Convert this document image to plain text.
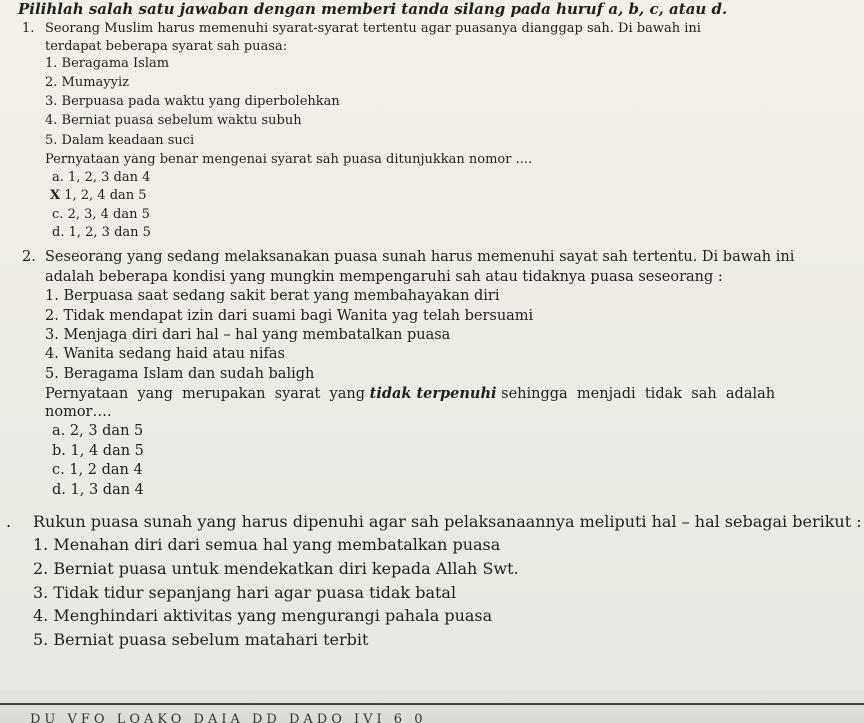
Pilihlah salah satu jawaban dengan memberi tanda silang pada huruf a, b, c, atau d.
1. Seorang Muslim harus memenuhi syarat-syarat tertentu agar puasanya dianggap sah. Di bawah ini
terdapat beberapa syarat sah puasa:
1. Beragama Islam
2. Mumayyiz
3. Berpuasa pada waktu yang diperbolehkan
4. Berniat puasa sebelum waktu subuh
5. Dalam keadaan suci
Pernyataan yang benar mengenai syarat sah puasa ditunjukkan nomor ....
a. 1, 2, 3 dan 4
X 1, 2, 4 dan 5
c. 2, 3, 4 dan 5
d. 1, 2, 3 dan 5
2. Seseorang yang sedang melaksanakan puasa sunah harus memenuhi sayat sah tertentu. Di bawah ini
adalah beberapa kondisi yang mungkin mempengaruhi sah atau tidaknya puasa seseorang :
1. Berpuasa saat sedang sakit berat yang membahayakan diri
2. Tidak mendapat izin dari suami bagi Wanita yag telah bersuami
3. Menjaga diri dari hal – hal yang membatalkan puasa
4. Wanita sedang haid atau nifas
5. Beragama Islam dan sudah baligh
Pernyataan  yang  merupakan  syarat  yang tidak terpenuhi sehingga  menjadi  tidak  sah  adalah
nomor….
a. 2, 3 dan 5
b. 1, 4 dan 5
c. 1, 2 dan 4
d. 1, 3 dan 4
. Rukun puasa sunah yang harus dipenuhi agar sah pelaksanaannya meliputi hal – hal sebagai berikut :
1. Menahan diri dari semua hal yang membatalkan puasa
2. Berniat puasa untuk mendekatkan diri kepada Allah Swt.
3. Tidak tidur sepanjang hari agar puasa tidak batal
4. Menghindari aktivitas yang mengurangi pahala puasa
5. Berniat puasa sebelum matahari terbit
DU VFO LOAKO DAIA DD DADO IVI 6 0
